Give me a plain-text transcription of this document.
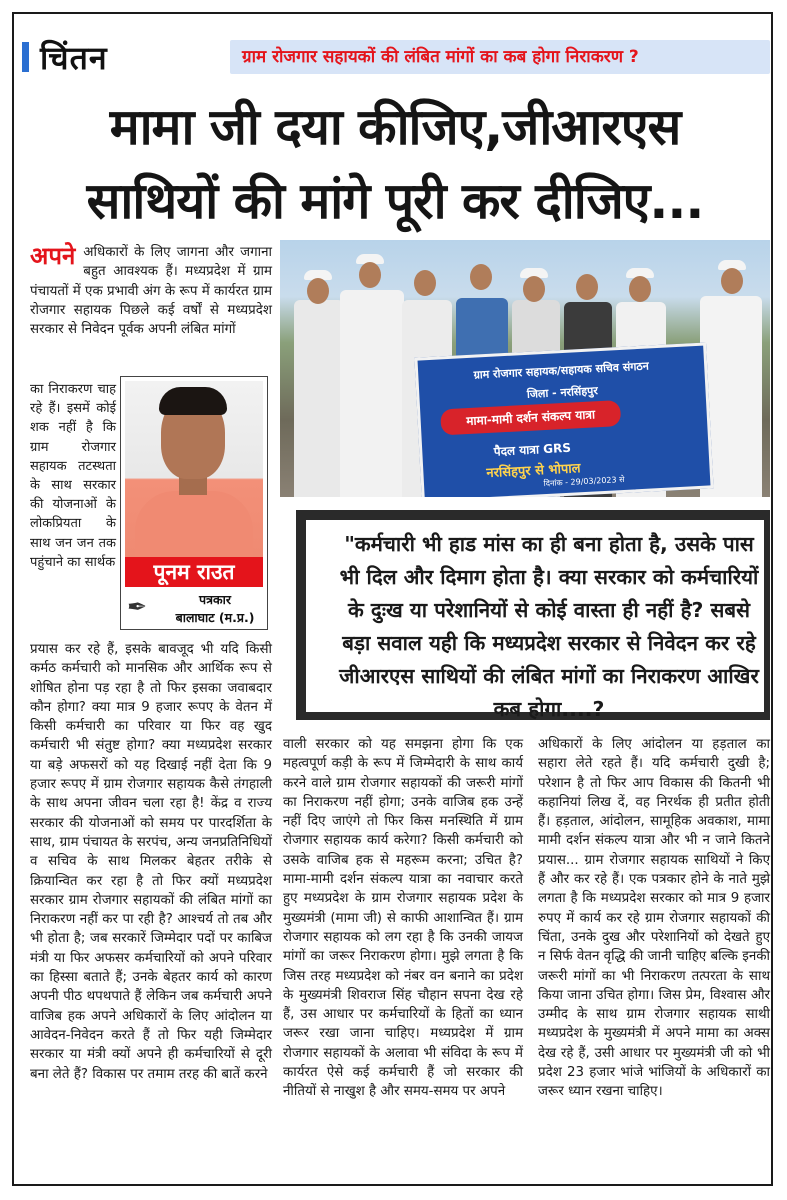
चिंतन	ग्राम रोजगार सहायकों की लंबित मांगों का कब होगा निराकरण ?
मामा जी दया कीजिए,जीआरएस
साथियों की मांगे पूरी कर दीजिए...
अपने अधिकारों के लिए जागना और जगाना बहुत आवश्यक हैं। मध्यप्रदेश में ग्राम पंचायतों में एक प्रभावी अंग के रूप में कार्यरत ग्राम रोजगार सहायक पिछले कई वर्षों से मध्यप्रदेश सरकार से निवेदन पूर्वक अपनी लंबित मांगों
का निराकरण चाह रहे हैं। इसमें कोई शक नहीं है कि ग्राम रोजगार सहायक तटस्थता के साथ सरकार की योजनाओं के लोकप्रियता के साथ जन जन तक पहुंचाने का सार्थक	पूनम राउत
✒	पत्रकार
बालाघाट (म.प्र.)
प्रयास कर रहे हैं, इसके बावजूद भी यदि किसी कर्मठ कर्मचारी को मानसिक और आर्थिक रूप से शोषित होना पड़ रहा है तो फिर इसका जवाबदार कौन होगा? क्या मात्र 9 हजार रूपए के वेतन में किसी कर्मचारी का परिवार या फिर वह खुद कर्मचारी भी संतुष्ट होगा? क्या मध्यप्रदेश सरकार या बड़े अफसरों को यह दिखाई नहीं देता कि 9 हजार रूपए में ग्राम रोजगार सहायक कैसे तंगहाली के साथ अपना जीवन चला रहा है! केंद्र व राज्य सरकार की योजनाओं को समय पर पारदर्शिता के साथ, ग्राम पंचायत के सरपंच, अन्य जनप्रतिनिधियों व सचिव के साथ मिलकर बेहतर तरीके से क्रियान्वित कर रहा है तो फिर क्यों मध्यप्रदेश सरकार ग्राम रोजगार सहायकों की लंबित मांगों का निराकरण नहीं कर पा रही है? आश्चर्य तो तब और भी होता है; जब सरकारें जिम्मेदार पदों पर काबिज मंत्री या फिर अफसर कर्मचारियों को अपने परिवार का हिस्सा बताते हैं; उनके बेहतर कार्य को कारण अपनी पीठ थपथपाते हैं लेकिन जब कर्मचारी अपने वाजिब हक अपने अधिकारों के लिए आंदोलन या आवेदन-निवेदन करते हैं तो फिर यही जिम्मेदार सरकार या मंत्री क्यों अपने ही कर्मचारियों से दूरी बना लेते हैं? विकास पर तमाम तरह की बातें करने
ग्राम रोजगार सहायक/सहायक सचिव संगठन
जिला - नरसिंहपुर
मामा-मामी दर्शन संकल्प यात्रा
पैदल यात्रा GRS
नरसिंहपुर से भोपाल
दिनांक - 29/03/2023 से
"कर्मचारी भी हाड मांस का ही बना होता है, उसके पास भी दिल और दिमाग होता है। क्या सरकार को कर्मचारियों के दुःख या परेशानियों से कोई वास्ता ही नहीं है? सबसे बड़ा सवाल यही कि मध्यप्रदेश सरकार से निवेदन कर रहे जीआरएस साथियों की लंबित मांगों का निराकरण आखिर कब होगा....?
वाली सरकार को यह समझना होगा कि एक महत्वपूर्ण कड़ी के रूप में जिम्मेदारी के साथ कार्य करने वाले ग्राम रोजगार सहायकों की जरूरी मांगों का निराकरण नहीं होगा; उनके वाजिब हक उन्हें नहीं दिए जाएंगे तो फिर किस मनस्थिति में ग्राम रोजगार सहायक कार्य करेगा? किसी कर्मचारी को उसके वाजिब हक से महरूम करना; उचित है? मामा-मामी दर्शन संकल्प यात्रा का नवाचार करते हुए मध्यप्रदेश के ग्राम रोजगार सहायक प्रदेश के मुख्यमंत्री (मामा जी) से काफी आशान्वित हैं। ग्राम रोजगार सहायक को लग रहा है कि उनकी जायज मांगों का जरूर निराकरण होगा। मुझे लगता है कि जिस तरह मध्यप्रदेश को नंबर वन बनाने का प्रदेश के मुख्यमंत्री शिवराज सिंह चौहान सपना देख रहे हैं, उस आधार पर कर्मचारियों के हितों का ध्यान जरूर रखा जाना चाहिए। मध्यप्रदेश में ग्राम रोजगार सहायकों के अलावा भी संविदा के रूप में कार्यरत ऐसे कई कर्मचारी हैं जो सरकार की नीतियों से नाखुश है और समय-समय पर अपने
अधिकारों के लिए आंदोलन या हड़ताल का सहारा लेते रहते हैं। यदि कर्मचारी दुखी है; परेशान है तो फिर आप विकास की कितनी भी कहानियां लिख दें, वह निरर्थक ही प्रतीत होती हैं। हड़ताल, आंदोलन, सामूहिक अवकाश, मामा मामी दर्शन संकल्प यात्रा और भी न जाने कितने प्रयास... ग्राम रोजगार सहायक साथियों ने किए हैं और कर रहे हैं। एक पत्रकार होने के नाते मुझे लगता है कि मध्यप्रदेश सरकार को मात्र 9 हजार रुपए में कार्य कर रहे ग्राम रोजगार सहायकों की चिंता, उनके दुख और परेशानियों को देखते हुए न सिर्फ वेतन वृद्धि की जानी चाहिए बल्कि इनकी जरूरी मांगों का भी निराकरण तत्परता के साथ किया जाना उचित होगा। जिस प्रेम, विश्वास और उम्मीद के साथ ग्राम रोजगार सहायक साथी मध्यप्रदेश के मुख्यमंत्री में अपने मामा का अक्स देख रहे हैं, उसी आधार पर मुख्यमंत्री जी को भी प्रदेश 23 हजार भांजे भांजियों के अधिकारों का जरूर ध्यान रखना चाहिए।
